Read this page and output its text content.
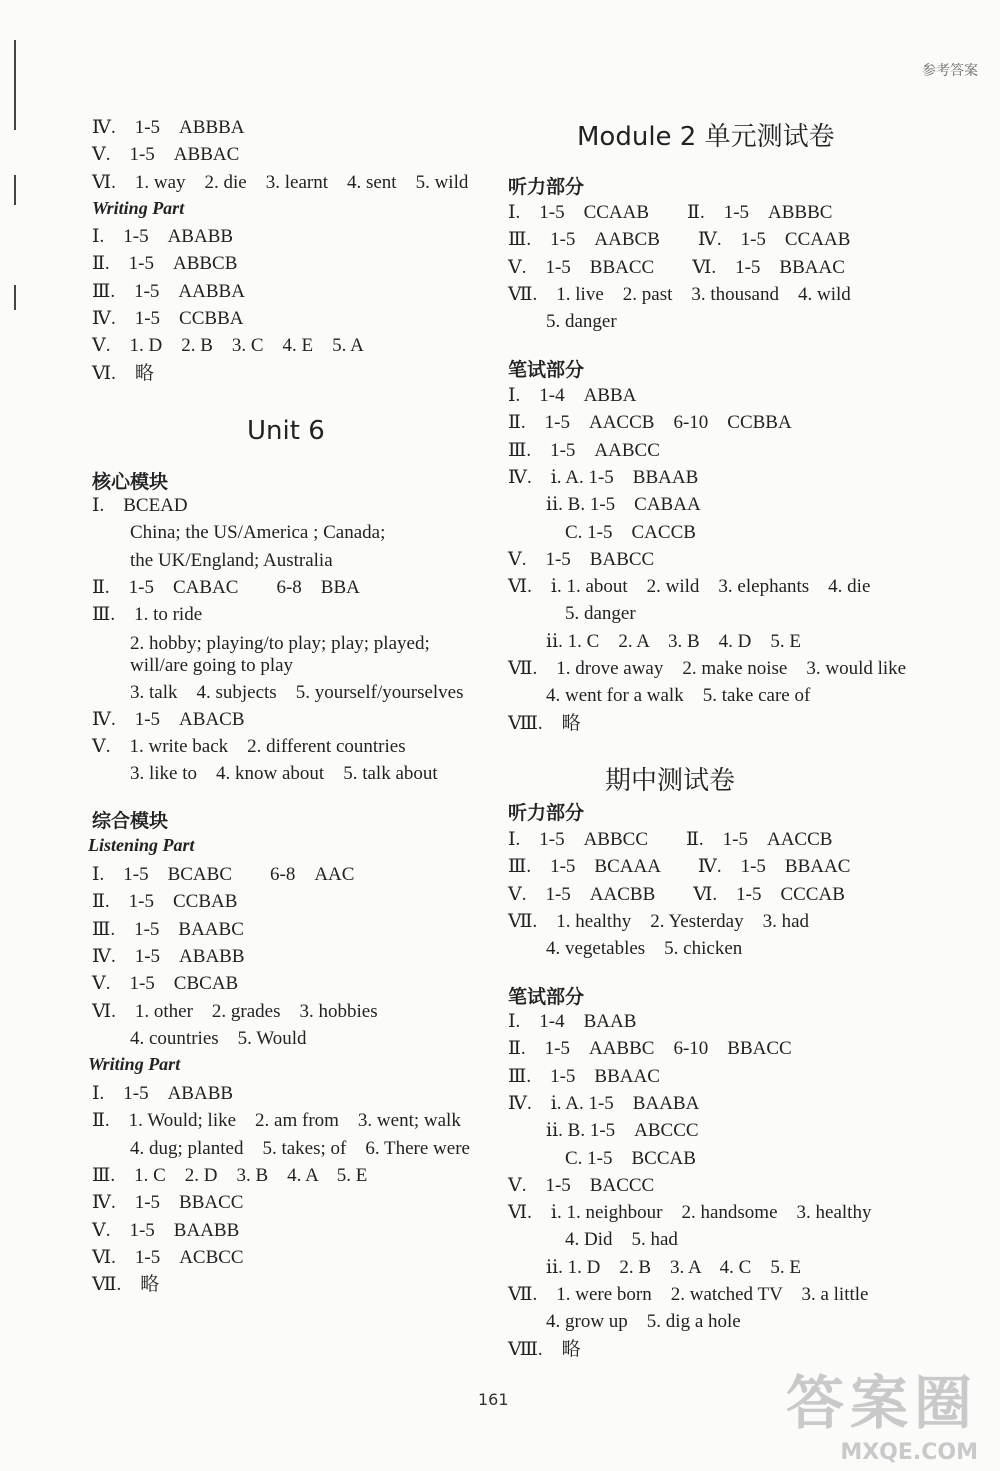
参考答案
Ⅳ.　1-5　ABBBA
Ⅴ.　1-5　ABBAC
Ⅵ.　1. way　2. die　3. learnt　4. sent　5. wild
Writing Part
Ⅰ.　1-5　ABABB
Ⅱ.　1-5　ABBCB
Ⅲ.　1-5　AABBA
Ⅳ.　1-5　CCBBA
Ⅴ.　1. D　2. B　3. C　4. E　5. A
Ⅵ.　略
Unit 6
核心模块
Ⅰ.　BCEAD
　　China; the US/America ; Canada;
　　the UK/England; Australia
Ⅱ.　1-5　CABAC　　6-8　BBA
Ⅲ.　1. to ride
　　2. hobby; playing/to play; play; played;
　　will/are going to play
　　3. talk　4. subjects　5. yourself/yourselves
Ⅳ.　1-5　ABACB
Ⅴ.　1. write back　2. different countries
　　3. like to　4. know about　5. talk about
综合模块
Listening Part
Ⅰ.　1-5　BCABC　　6-8　AAC
Ⅱ.　1-5　CCBAB
Ⅲ.　1-5　BAABC
Ⅳ.　1-5　ABABB
Ⅴ.　1-5　CBCAB
Ⅵ.　1. other　2. grades　3. hobbies
　　4. countries　5. Would
Writing Part
Ⅰ.　1-5　ABABB
Ⅱ.　1. Would; like　2. am from　3. went; walk
　　4. dug; planted　5. takes; of　6. There were
Ⅲ.　1. C　2. D　3. B　4. A　5. E
Ⅳ.　1-5　BBACC
Ⅴ.　1-5　BAABB
Ⅵ.　1-5　ACBCC
Ⅶ.　略
Module 2 单元测试卷
听力部分
Ⅰ.　1-5　CCAAB　　Ⅱ.　1-5　ABBBC
Ⅲ.　1-5　AABCB　　Ⅳ.　1-5　CCAAB
Ⅴ.　1-5　BBACC　　Ⅵ.　1-5　BBAAC
Ⅶ.　1. live　2. past　3. thousand　4. wild
　　5. danger
笔试部分
Ⅰ.　1-4　ABBA
Ⅱ.　1-5　AACCB　6-10　CCBBA
Ⅲ.　1-5　AABCC
Ⅳ.　ⅰ. A. 1-5　BBAAB
　　ⅱ. B. 1-5　CABAA
　　　C. 1-5　CACCB
Ⅴ.　1-5　BABCC
Ⅵ.　ⅰ. 1. about　2. wild　3. elephants　4. die
　　　5. danger
　　ⅱ. 1. C　2. A　3. B　4. D　5. E
Ⅶ.　1. drove away　2. make noise　3. would like
　　4. went for a walk　5. take care of
Ⅷ.　略
期中测试卷
听力部分
Ⅰ.　1-5　ABBCC　　Ⅱ.　1-5　AACCB
Ⅲ.　1-5　BCAAA　　Ⅳ.　1-5　BBAAC
Ⅴ.　1-5　AACBB　　Ⅵ.　1-5　CCCAB
Ⅶ.　1. healthy　2. Yesterday　3. had
　　4. vegetables　5. chicken
笔试部分
Ⅰ.　1-4　BAAB
Ⅱ.　1-5　AABBC　6-10　BBACC
Ⅲ.　1-5　BBAAC
Ⅳ.　ⅰ. A. 1-5　BAABA
　　ⅱ. B. 1-5　ABCCC
　　　C. 1-5　BCCAB
Ⅴ.　1-5　BACCC
Ⅵ.　ⅰ. 1. neighbour　2. handsome　3. healthy
　　　4. Did　5. had
　　ⅱ. 1. D　2. B　3. A　4. C　5. E
Ⅶ.　1. were born　2. watched TV　3. a little
　　4. grow up　5. dig a hole
Ⅷ.　略
161	答案圈
MXQE.COM
